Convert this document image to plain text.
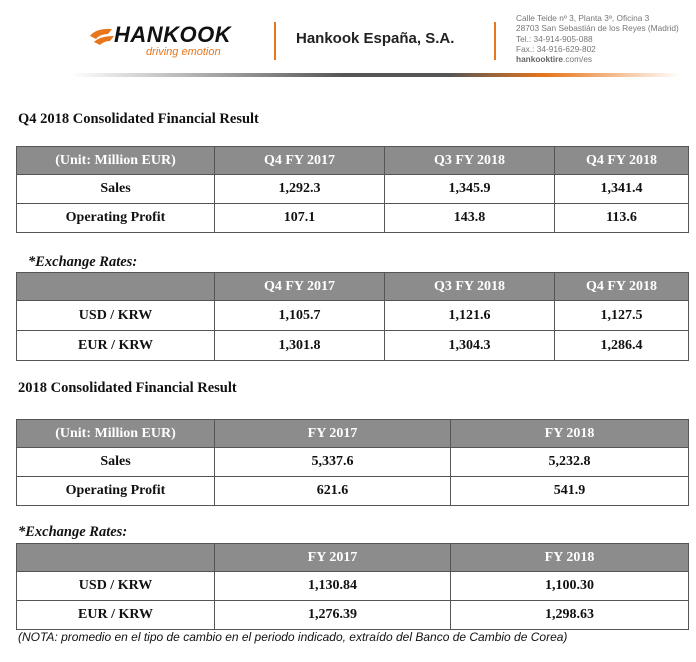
HANKOOK
driving emotion
Hankook España, S.A.
Calle Teide nº 3, Planta 3ª, Oficina 3
28703 San Sebastián de los Reyes (Madrid)
Tel.: 34-914-905-088
Fax.: 34-916-629-802
hankooktire.com/es
Q4 2018 Consolidated Financial Result
(Unit: Million EUR)	Q4 FY 2017	Q3 FY 2018	Q4 FY 2018
Sales	1,292.3	1,345.9	1,341.4
Operating Profit	107.1	143.8	113.6
*Exchange Rates:
	Q4 FY 2017	Q3 FY 2018	Q4 FY 2018
USD / KRW	1,105.7	1,121.6	1,127.5
EUR / KRW	1,301.8	1,304.3	1,286.4
2018 Consolidated Financial Result
(Unit: Million EUR)	FY 2017	FY 2018
Sales	5,337.6	5,232.8
Operating Profit	621.6	541.9
*Exchange Rates:
	FY 2017	FY 2018
USD / KRW	1,130.84	1,100.30
EUR / KRW	1,276.39	1,298.63
(NOTA: promedio en el tipo de cambio en el periodo indicado, extraído del Banco de Cambio de Corea)
